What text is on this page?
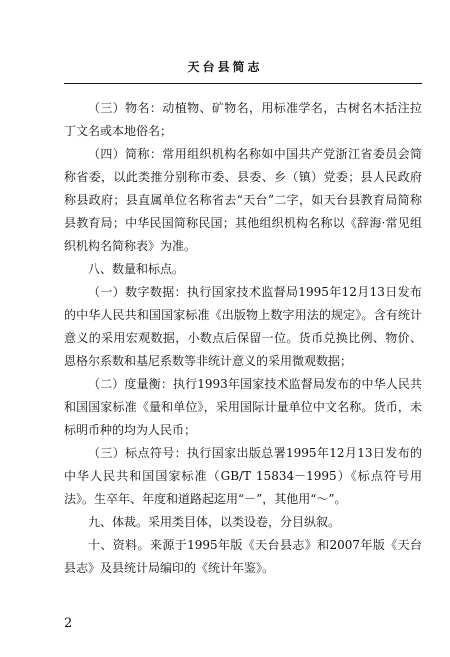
天台县简志

（三）物名：动植物、矿物名，用标准学名，古树名木括注拉丁文名或本地俗名；

（四）简称：常用组织机构名称如中国共产党浙江省委员会简称省委，以此类推分别称市委、县委、乡（镇）党委；县人民政府称县政府；县直属单位名称省去“天台”二字，如天台县教育局简称县教育局；中华民国简称民国；其他组织机构名称以《辞海·常见组织机构名简称表》为准。

八、数量和标点。

（一）数字数据：执行国家技术监督局1995年12月13日发布的中华人民共和国国家标准《出版物上数字用法的规定》。含有统计意义的采用宏观数据，小数点后保留一位。货币兑换比例、物价、恩格尔系数和基尼系数等非统计意义的采用微观数据；

（二）度量衡：执行1993年国家技术监督局发布的中华人民共和国国家标准《量和单位》，采用国际计量单位中文名称。货币，未标明币种的均为人民币；

（三）标点符号：执行国家出版总署1995年12月13日发布的中华人民共和国国家标准（GB/T 15834－1995）《标点符号用法》。生卒年、年度和道路起迄用“－”，其他用“～”。

九、体裁。采用类目体，以类设卷，分目纵叙。

十、资料。来源于1995年版《天台县志》和2007年版《天台县志》及县统计局编印的《统计年鉴》。

2
